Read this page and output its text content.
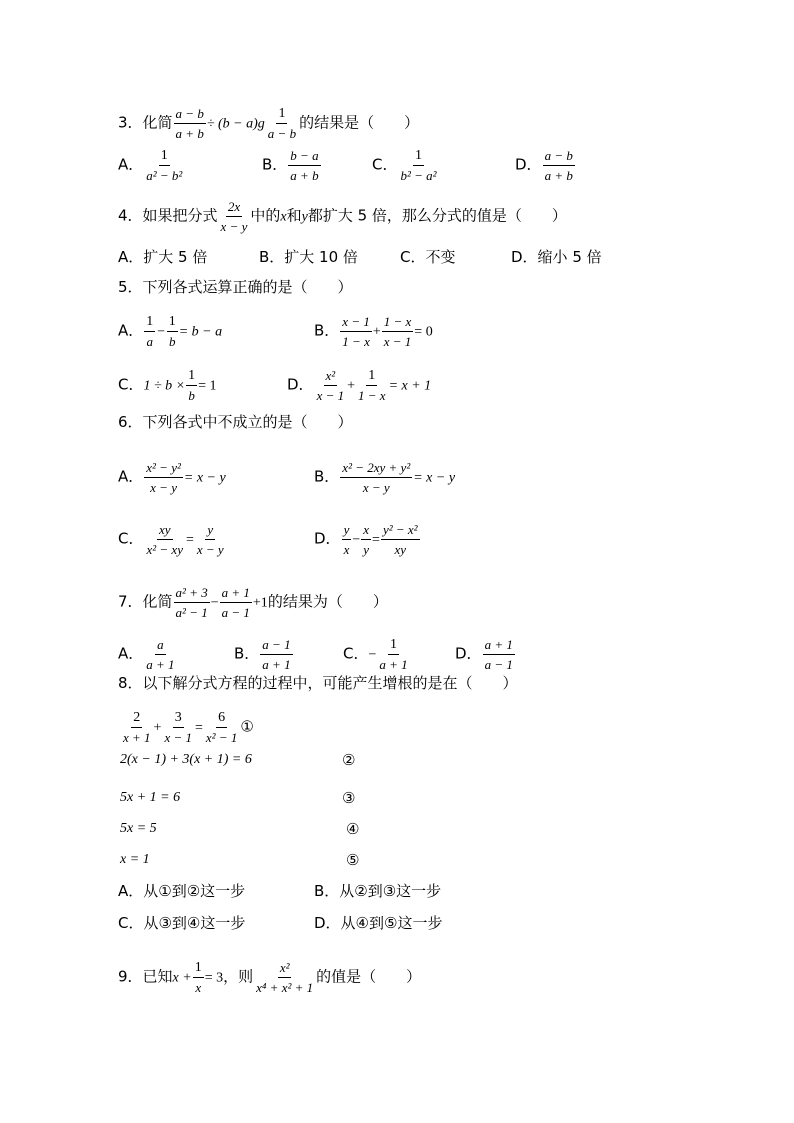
3．化简 $\frac{a - b}{a + b} \div (b - a)g \frac{1}{a - b}$ 的结果是（　　）
A． $\frac{1}{\text{a² − b²}}$	B． $\frac{b - a}{a + b}$	C． $\frac{1}{\text{b² − a²}}$	D． $\frac{a - b}{a + b}$
4．如果把分式 $\frac{2x}{x - y}$ 中的x和y都扩大 5 倍，那么分式的值是（　　）
A．扩大 5 倍	B．扩大 10 倍	C．不变	D．缩小 5 倍
5．下列各式运算正确的是（　　）
A． $\frac{1}{a} - \frac{1}{b} = b - a$	B． $\frac{x - 1}{1 - x} + \frac{1 - x}{x - 1} = 0$
C．$1 \div b \times \frac{1}{b} = 1$	D． $\frac{\text{x²}}{x - 1} + \frac{1}{1 - x} = x + 1$
6．下列各式中不成立的是（　　）
A． $\frac{\text{x² − y²}}{x - y} = x - y$	B． $\frac{\text{x² − 2xy + y²}}{x - y} = x - y$
C． $\frac{xy}{\text{x² − xy}} = \frac{y}{x - y}$	D． $\frac{y}{x} - \frac{x}{y} = \frac{\text{y² − x²}}{xy}$
7．化简 $\frac{\text{a² + 3}}{\text{a² − 1}} - \frac{a + 1}{a - 1} +1$的结果为（　　）
A． $\frac{a}{a + 1}$	B． $\frac{a - 1}{a + 1}$	C．− $\frac{1}{a + 1}$	D． $\frac{a + 1}{a - 1}$
8．以下解分式方程的过程中，可能产生增根的是在（　　）
$\frac{2}{x + 1} + \frac{3}{x - 1} = \frac{6}{\text{x² − 1}}$ ①
2(x − 1) + 3(x + 1) = 6	②
5x + 1 = 6	③
5x = 5	④
x = 1	⑤
A．从①到②这一步	B．从②到③这一步
C．从③到④这一步	D．从④到⑤这一步
9．已知$x + \frac{1}{x} = 3$，则 $\frac{\text{x²}}{\text{x⁴ + x² + 1}}$ 的值是（　　）
